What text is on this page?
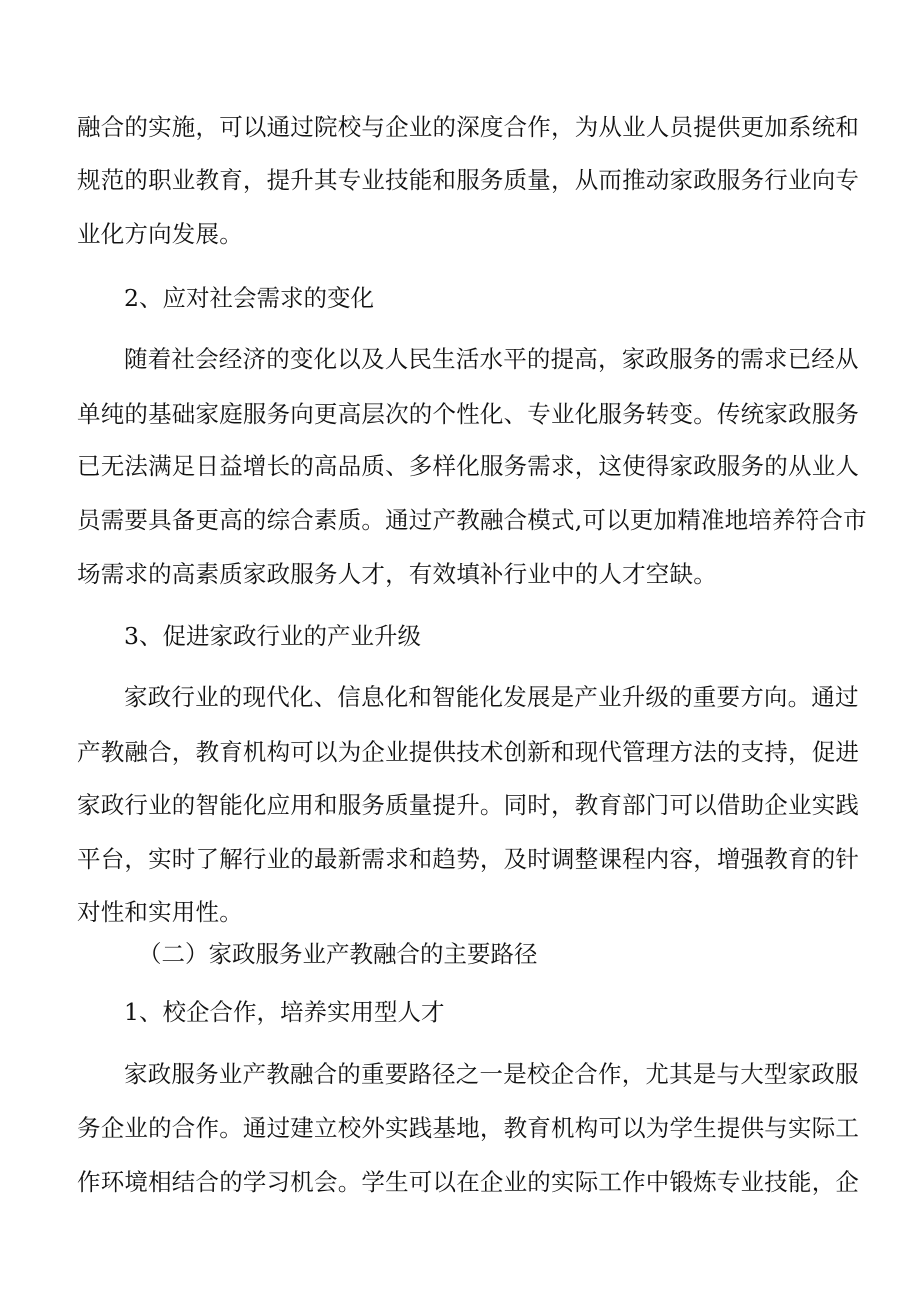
融合的实施，可以通过院校与企业的深度合作，为从业人员提供更加系统和
规范的职业教育，提升其专业技能和服务质量，从而推动家政服务行业向专
业化方向发展。
2、应对社会需求的变化
随着社会经济的变化以及人民生活水平的提高，家政服务的需求已经从
单纯的基础家庭服务向更高层次的个性化、专业化服务转变。传统家政服务
已无法满足日益增长的高品质、多样化服务需求，这使得家政服务的从业人
员需要具备更高的综合素质。通过产教融合模式,可以更加精准地培养符合市
场需求的高素质家政服务人才，有效填补行业中的人才空缺。
3、促进家政行业的产业升级
家政行业的现代化、信息化和智能化发展是产业升级的重要方向。通过
产教融合，教育机构可以为企业提供技术创新和现代管理方法的支持，促进
家政行业的智能化应用和服务质量提升。同时，教育部门可以借助企业实践
平台，实时了解行业的最新需求和趋势，及时调整课程内容，增强教育的针
对性和实用性。
（二）家政服务业产教融合的主要路径
1、校企合作，培养实用型人才
家政服务业产教融合的重要路径之一是校企合作，尤其是与大型家政服
务企业的合作。通过建立校外实践基地，教育机构可以为学生提供与实际工
作环境相结合的学习机会。学生可以在企业的实际工作中锻炼专业技能，企
